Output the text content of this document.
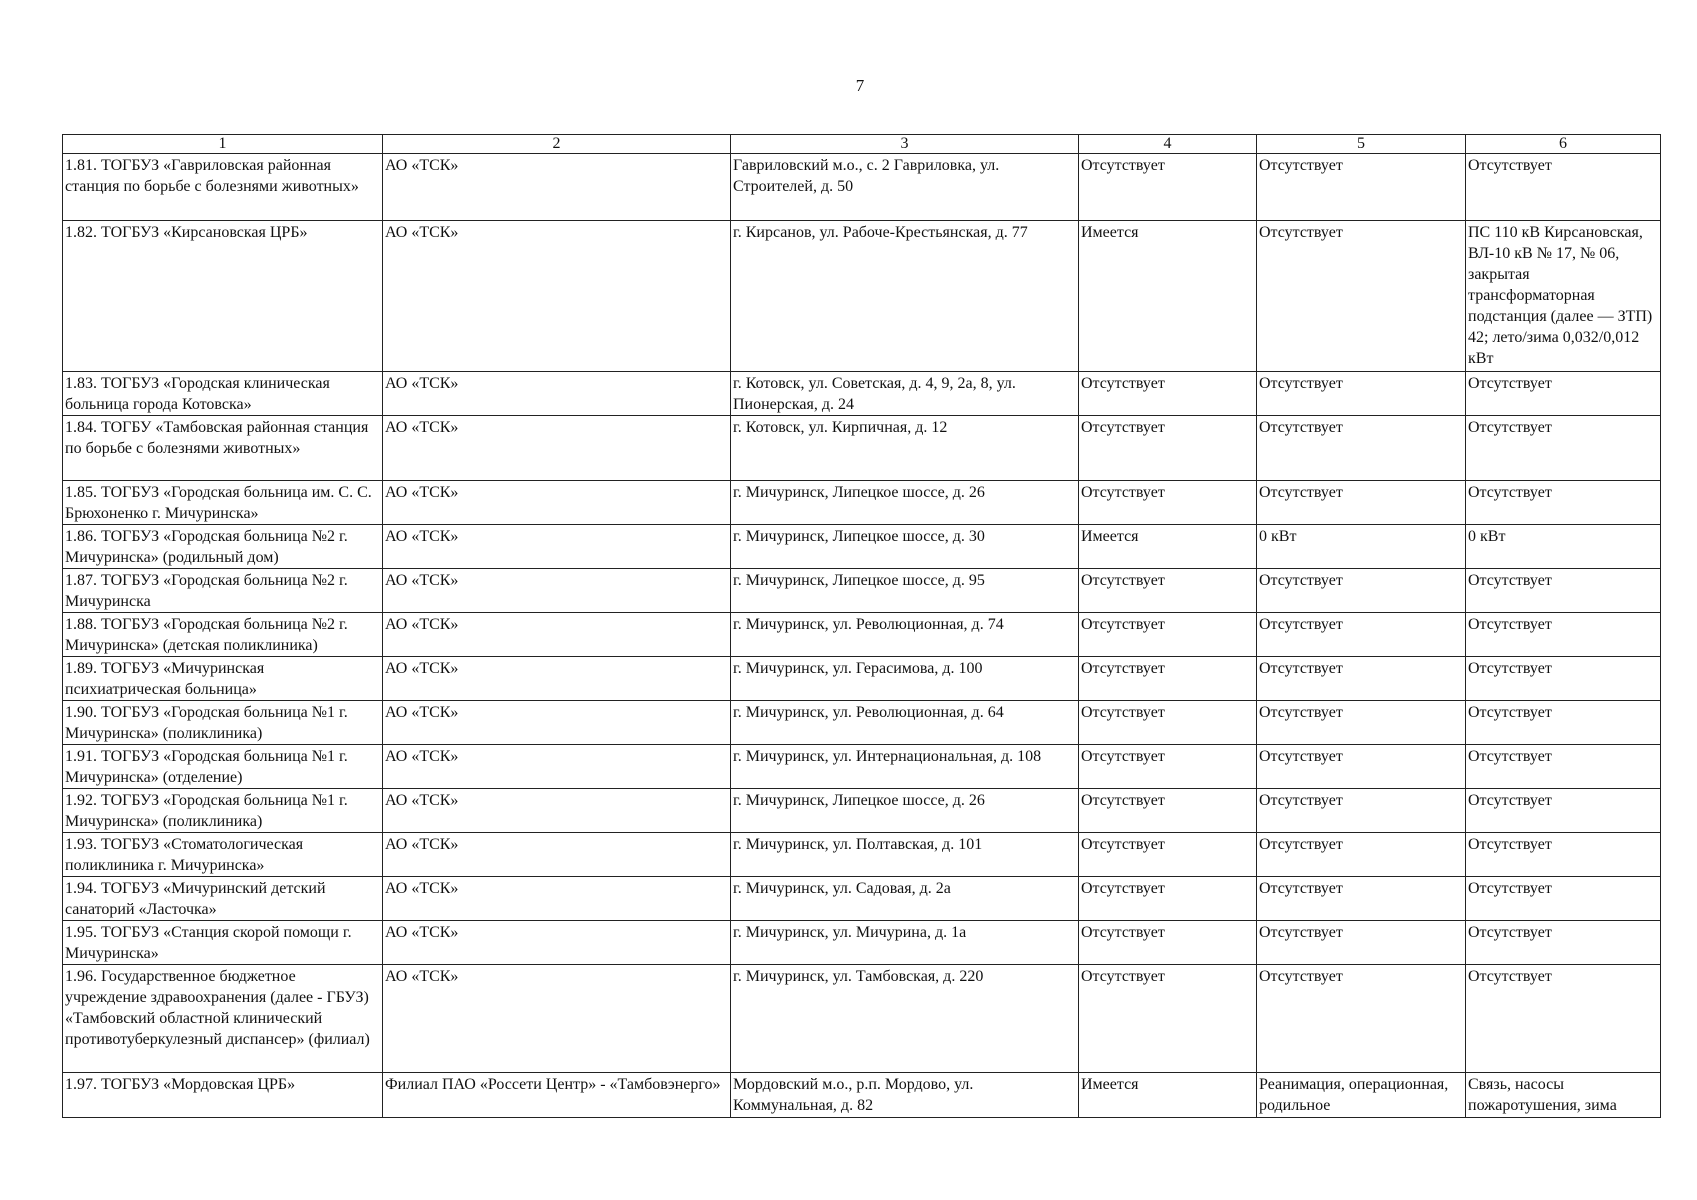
7
1	2	3	4	5	6
1.81. ТОГБУЗ «Гавриловская районная станция по борьбе с болезнями животных»	АО «ТСК»	Гавриловский м.о., с. 2 Гавриловка, ул. Строителей, д. 50	Отсутствует	Отсутствует	Отсутствует
1.82. ТОГБУЗ «Кирсановская ЦРБ»	АО «ТСК»	г. Кирсанов, ул. Рабоче-Крестьянская, д. 77	Имеется	Отсутствует	ПС 110 кВ Кирсановская, ВЛ-10 кВ № 17, № 06, закрытая трансформаторная подстанция (далее — ЗТП) 42; лето/зима 0,032/0,012 кВт
1.83. ТОГБУЗ «Городская клиническая больница города Котовска»	АО «ТСК»	г. Котовск, ул. Советская, д. 4, 9, 2а, 8, ул. Пионерская, д. 24	Отсутствует	Отсутствует	Отсутствует
1.84. ТОГБУ «Тамбовская районная станция по борьбе с болезнями животных»	АО «ТСК»	г. Котовск, ул. Кирпичная, д. 12	Отсутствует	Отсутствует	Отсутствует
1.85. ТОГБУЗ «Городская больница им. С. С. Брюхоненко г. Мичуринска»	АО «ТСК»	г. Мичуринск, Липецкое шоссе, д. 26	Отсутствует	Отсутствует	Отсутствует
1.86. ТОГБУЗ «Городская больница №2 г. Мичуринска» (родильный дом)	АО «ТСК»	г. Мичуринск, Липецкое шоссе, д. 30	Имеется	0 кВт	0 кВт
1.87. ТОГБУЗ «Городская больница №2 г. Мичуринска	АО «ТСК»	г. Мичуринск, Липецкое шоссе, д. 95	Отсутствует	Отсутствует	Отсутствует
1.88. ТОГБУЗ «Городская больница №2 г. Мичуринска» (детская поликлиника)	АО «ТСК»	г. Мичуринск, ул. Революционная, д. 74	Отсутствует	Отсутствует	Отсутствует
1.89. ТОГБУЗ «Мичуринская психиатрическая больница»	АО «ТСК»	г. Мичуринск, ул. Герасимова, д. 100	Отсутствует	Отсутствует	Отсутствует
1.90. ТОГБУЗ «Городская больница №1 г. Мичуринска» (поликлиника)	АО «ТСК»	г. Мичуринск, ул. Революционная, д. 64	Отсутствует	Отсутствует	Отсутствует
1.91. ТОГБУЗ «Городская больница №1 г. Мичуринска» (отделение)	АО «ТСК»	г. Мичуринск, ул. Интернациональная, д. 108	Отсутствует	Отсутствует	Отсутствует
1.92. ТОГБУЗ «Городская больница №1 г. Мичуринска» (поликлиника)	АО «ТСК»	г. Мичуринск, Липецкое шоссе, д. 26	Отсутствует	Отсутствует	Отсутствует
1.93. ТОГБУЗ «Стоматологическая поликлиника г. Мичуринска»	АО «ТСК»	г. Мичуринск, ул. Полтавская, д. 101	Отсутствует	Отсутствует	Отсутствует
1.94. ТОГБУЗ «Мичуринский детский санаторий «Ласточка»	АО «ТСК»	г. Мичуринск, ул. Садовая, д. 2а	Отсутствует	Отсутствует	Отсутствует
1.95. ТОГБУЗ «Станция скорой помощи г. Мичуринска»	АО «ТСК»	г. Мичуринск, ул. Мичурина, д. 1а	Отсутствует	Отсутствует	Отсутствует
1.96. Государственное бюджетное учреждение здравоохранения (далее - ГБУЗ) «Тамбовский областной клинический противотуберкулезный диспансер» (филиал)	АО «ТСК»	г. Мичуринск, ул. Тамбовская, д. 220	Отсутствует	Отсутствует	Отсутствует
1.97. ТОГБУЗ «Мордовская ЦРБ»	Филиал ПАО «Россети Центр» - «Тамбовэнерго»	Мордовский м.о., р.п. Мордово, ул. Коммунальная, д. 82	Имеется	Реанимация, операционная, родильное	Связь, насосы пожаротушения, зима
